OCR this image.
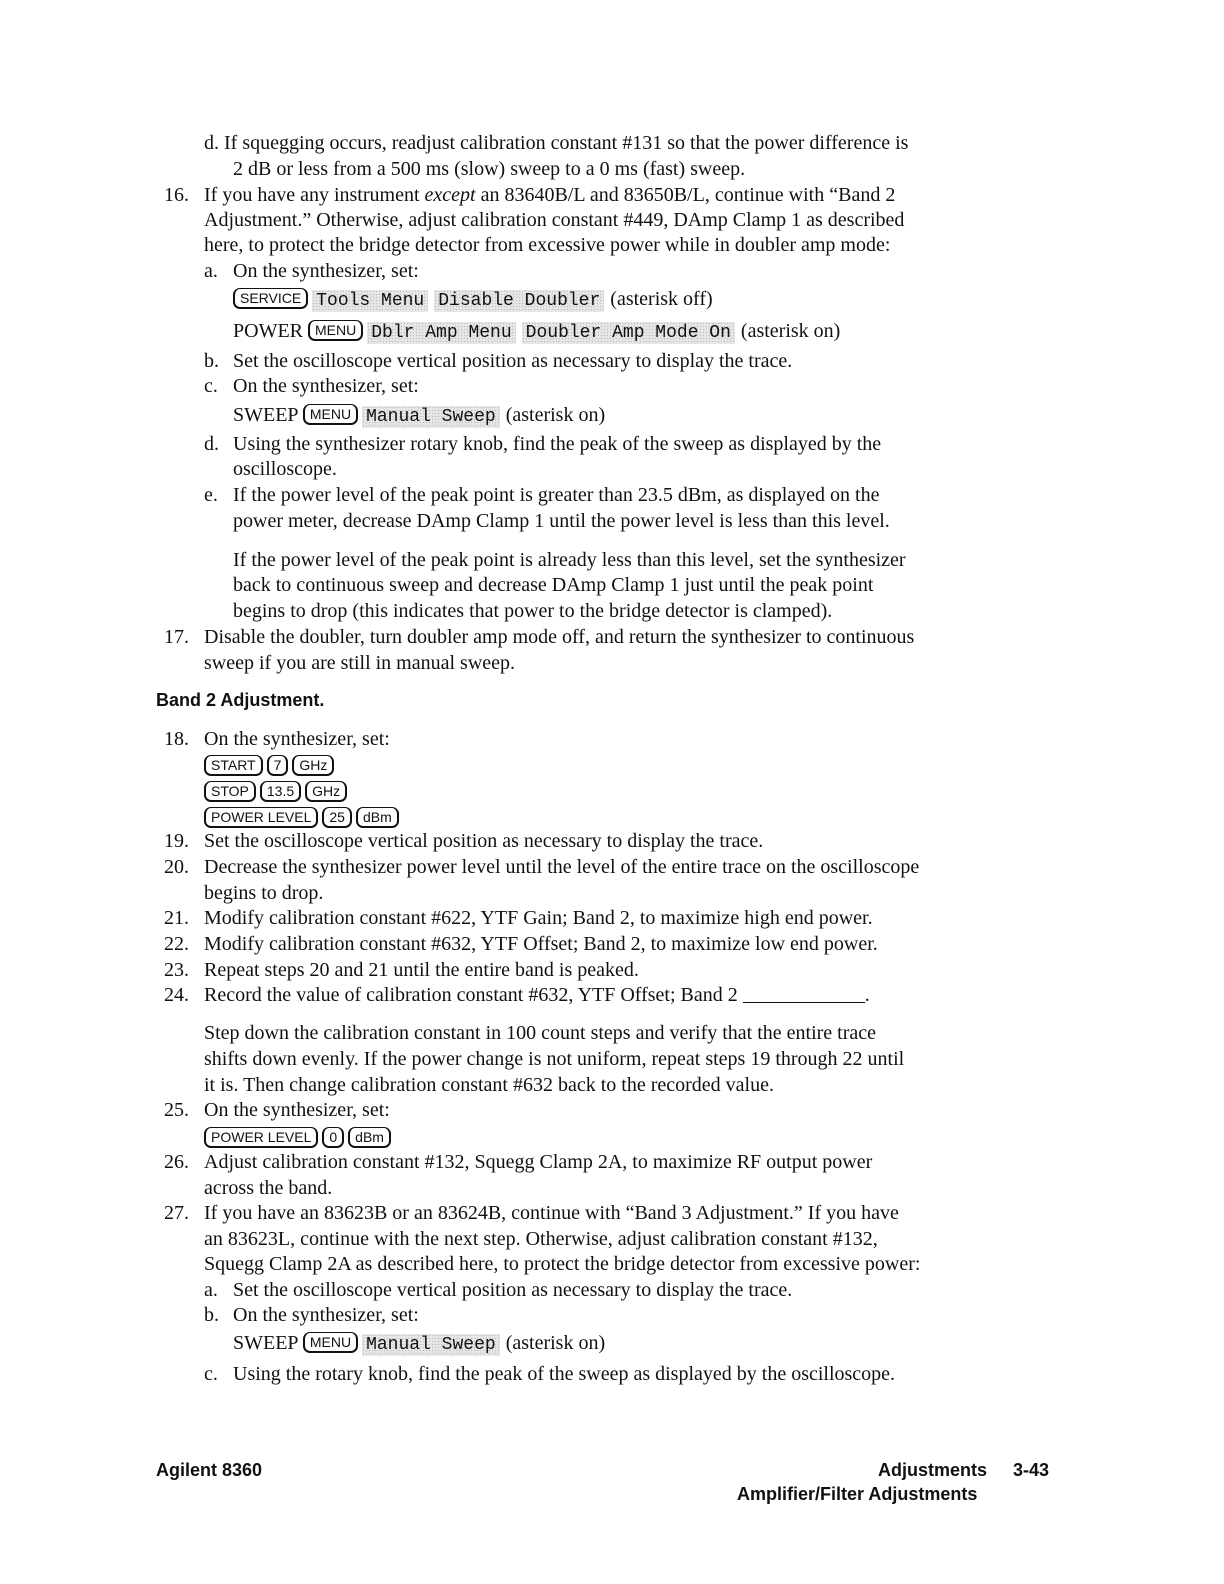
d. If squegging occurs, readjust calibration constant #131 so that the power difference is
2 dB or less from a 500 ms (slow) sweep to a 0 ms (fast) sweep.
16. If you have any instrument except an 83640B/L and 83650B/L, continue with “Band 2
Adjustment.” Otherwise, adjust calibration constant #449, DAmp Clamp 1 as described
here, to protect the bridge detector from excessive power while in doubler amp mode:
a. On the synthesizer, set:
SERVICE Tools Menu Disable Doubler (asterisk off)
POWER MENU Dblr Amp Menu Doubler Amp Mode On (asterisk on)
b. Set the oscilloscope vertical position as necessary to display the trace.
c. On the synthesizer, set:
SWEEP MENU Manual Sweep (asterisk on)
d. Using the synthesizer rotary knob, find the peak of the sweep as displayed by the
oscilloscope.
e. If the power level of the peak point is greater than 23.5 dBm, as displayed on the
power meter, decrease DAmp Clamp 1 until the power level is less than this level.
If the power level of the peak point is already less than this level, set the synthesizer
back to continuous sweep and decrease DAmp Clamp 1 just until the peak point
begins to drop (this indicates that power to the bridge detector is clamped).
17. Disable the doubler, turn doubler amp mode off, and return the synthesizer to continuous
sweep if you are still in manual sweep.
Band 2 Adjustment.
18. On the synthesizer, set:
START 7 GHz
STOP 13.5 GHz
POWER LEVEL 25 dBm
19. Set the oscilloscope vertical position as necessary to display the trace.
20. Decrease the synthesizer power level until the level of the entire trace on the oscilloscope
begins to drop.
21. Modify calibration constant #622, YTF Gain; Band 2, to maximize high end power.
22. Modify calibration constant #632, YTF Offset; Band 2, to maximize low end power.
23. Repeat steps 20 and 21 until the entire band is peaked.
24. Record the value of calibration constant #632, YTF Offset; Band 2	.
Step down the calibration constant in 100 count steps and verify that the entire trace
shifts down evenly. If the power change is not uniform, repeat steps 19 through 22 until
it is. Then change calibration constant #632 back to the recorded value.
25. On the synthesizer, set:
POWER LEVEL 0 dBm
26. Adjust calibration constant #132, Squegg Clamp 2A, to maximize RF output power
across the band.
27. If you have an 83623B or an 83624B, continue with “Band 3 Adjustment.” If you have
an 83623L, continue with the next step. Otherwise, adjust calibration constant #132,
Squegg Clamp 2A as described here, to protect the bridge detector from excessive power:
a. Set the oscilloscope vertical position as necessary to display the trace.
b. On the synthesizer, set:
SWEEP MENU Manual Sweep (asterisk on)
c. Using the rotary knob, find the peak of the sweep as displayed by the oscilloscope.
Agilent 8360	Adjustments 3-43
Amplifier/Filter Adjustments
